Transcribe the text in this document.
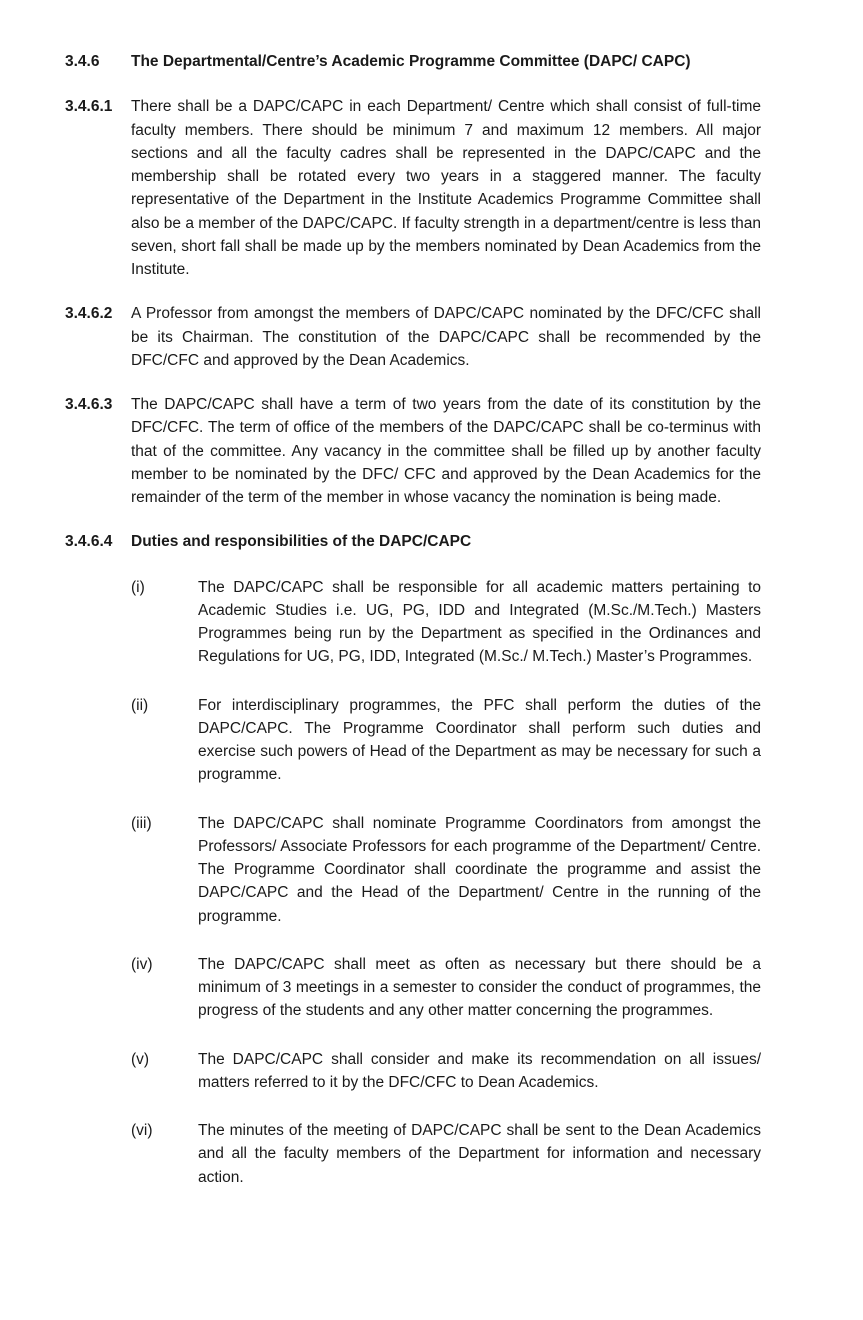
3.4.6 The Departmental/Centre’s Academic Programme Committee (DAPC/ CAPC)
3.4.6.1 There shall be a DAPC/CAPC in each Department/ Centre which shall consist of full-time faculty members. There should be minimum 7 and maximum 12 members. All major sections and all the faculty cadres shall be represented in the DAPC/CAPC and the membership shall be rotated every two years in a staggered manner. The faculty representative of the Department in the Institute Academics Programme Committee shall also be a member of the DAPC/CAPC. If faculty strength in a department/centre is less than seven, short fall shall be made up by the members nominated by Dean Academics from the Institute.
3.4.6.2 A Professor from amongst the members of DAPC/CAPC nominated by the DFC/CFC shall be its Chairman. The constitution of the DAPC/CAPC shall be recommended by the DFC/CFC and approved by the Dean Academics.
3.4.6.3 The DAPC/CAPC shall have a term of two years from the date of its constitution by the DFC/CFC. The term of office of the members of the DAPC/CAPC shall be co-terminus with that of the committee. Any vacancy in the committee shall be filled up by another faculty member to be nominated by the DFC/ CFC and approved by the Dean Academics for the remainder of the term of the member in whose vacancy the nomination is being made.
3.4.6.4 Duties and responsibilities of the DAPC/CAPC
(i)	The DAPC/CAPC shall be responsible for all academic matters pertaining to Academic Studies i.e. UG, PG, IDD and Integrated (M.Sc./M.Tech.) Masters Programmes being run by the Department as specified in the Ordinances and Regulations for UG, PG, IDD, Integrated (M.Sc./ M.Tech.) Master’s Programmes.
(ii)	For interdisciplinary programmes, the PFC shall perform the duties of the DAPC/CAPC. The Programme Coordinator shall perform such duties and exercise such powers of Head of the Department as may be necessary for such a programme.
(iii)	The DAPC/CAPC shall nominate Programme Coordinators from amongst the Professors/ Associate Professors for each programme of the Department/ Centre. The Programme Coordinator shall coordinate the programme and assist the DAPC/CAPC and the Head of the Department/ Centre in the running of the programme.
(iv)	The DAPC/CAPC shall meet as often as necessary but there should be a minimum of 3 meetings in a semester to consider the conduct of programmes, the progress of the students and any other matter concerning the programmes.
(v)	The DAPC/CAPC shall consider and make its recommendation on all issues/ matters referred to it by the DFC/CFC to Dean Academics.
(vi)	The minutes of the meeting of DAPC/CAPC shall be sent to the Dean Academics and all the faculty members of the Department for information and necessary action.
